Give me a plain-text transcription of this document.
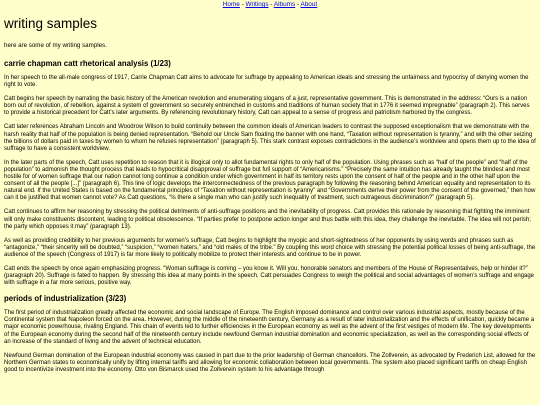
Home - Writings - Albums - About
writing samples

here are some of my writing samples.

carrie chapman catt rhetorical analysis (1/23)

In her speech to the all-male congress of 1917, Carrie Chapman Catt aims to advocate for suffrage by appealing to American ideals and stressing the unfairness and hypocrisy of denying women the right to vote.

Catt begins her speech by narrating the basic history of the American revolution and enumerating slogans of a just, representative government. This is demonstrated in the address: “Ours is a nation born out of revolution, of rebellion, against a system of government so securely entrenched in customs and traditions of human society that in 1776 it seemed impregnable” (paragraph 2). This serves to provide a historical precedent for Catt’s later arguments. By referencing revolutionary history, Catt can appeal to a sense of progress and patriotism harbored by the congress.

Catt later references Abraham Lincoln and Woodrow Wilson to build continuity between the common ideals of American leaders to contrast the supposed exceptionalism that we demonstrate with the harsh reality that half of the population is being denied representation. “Behold our Uncle Sam floating the banner with one hand, “Taxation without representation is tyranny,” and with the other seizing the billions of dollars paid in taxes by women to whom he refuses representation” (paragraph 5). This stark contrast exposes contradictions in the audience’s worldview and opens them up to the idea of suffrage to have a consistent worldview.

In the later parts of the speech, Catt uses repetition to reason that it is illogical only to allot fundamental rights to only half of the population. Using phrases such as “half of the people” and “half of the population” to admonish the thought process that leads to hypocritical disapproval of suffrage but full support of “Americanisms.” “Precisely the same intuition has already taught the blindest and most hostile for of women suffrage that our nation cannot long continue a condition under which government in half its territory rests upon the consent of half of the people and in the other half upon the consent of all the people [...]” (paragraph 6). This line of logic develops the interconnectedness of the previous paragraph by following the reasoning behind American equality and representation to its natural end. If the United States is based on the fundamental principles of “Taxation without representation is tyranny” and “Governments derive their power from the consent of the governed,” then how can it be justified that women cannot vote? As Catt questions, “Is there a single man who can justify such inequality of treatment, such outrageous discrimination?” (paragraph 5).

Catt continues to affirm her reasoning by stressing the political detriments of anti-suffrage positions and the inevitability of progress. Catt provides this rationale by reasoning that fighting the imminent will only make constituents discontent, leading to political obsolescence. “If parties prefer to postpone action longer and thus battle with this idea, they challenge the inevitable. The idea will not perish; the party which opposes it may” (paragraph 13).

As well as providing credibility to her previous arguments for women’s suffrage, Catt begins to highlight the myopic and short-sightedness of her opponents by using words and phrases such as “antagonize,” “their sincerity will be doubted,” “suspicion,” “women haters,” and “old males of the tribe.” By coupling this word choice with stressing the potential political losses of being anti-suffrage, the audience of the speech (Congress of 1917) is far more likely to politically mobilize to protect their interests and continue to be in power.

Catt ends the speech by once again emphasizing progress. “Woman suffrage is coming – you know it. Will you, honorable senators and members of the House of Representatives, help or hinder it?” (paragraph 20). Suffrage is fated to happen. By stressing this idea at many points in the speech, Catt persuades Congress to weigh the political and social advantages of women’s suffrage and engage with suffrage in a far more serious, positive way.

periods of industrialization (3/23)

The first period of industrialization greatly affected the economic and social landscape of Europe. The English imposed dominance and control over various industrial aspects, mostly because of the Continental system that Napoleon forced on the area. However, during the middle of the nineteenth century, Germany as a result of later industrialization and the effects of unification, quickly became a major economic powerhouse, rivaling England. This chain of events led to further efficiencies in the European economy as well as the advent of the first vestiges of modern life. The key developments of the European economy during the second half of the nineteenth century include newfound German industrial domination and economic specialization, as well as the corresponding social effects of an increase of the standard of living and the advent of technical education.

Newfound German domination of the European industrial economy was caused in part due to the prior leadership of German chancellors. The Zollverein, as advocated by Frederich List, allowed for the Northern German states to economically unify by lifting internal tariffs and allowing for economic collaboration between local governments. The system also placed significant tariffs on cheap English good to incentivize investment into the economy. Otto von Bismarck used the Zollverein system to his advantage through
